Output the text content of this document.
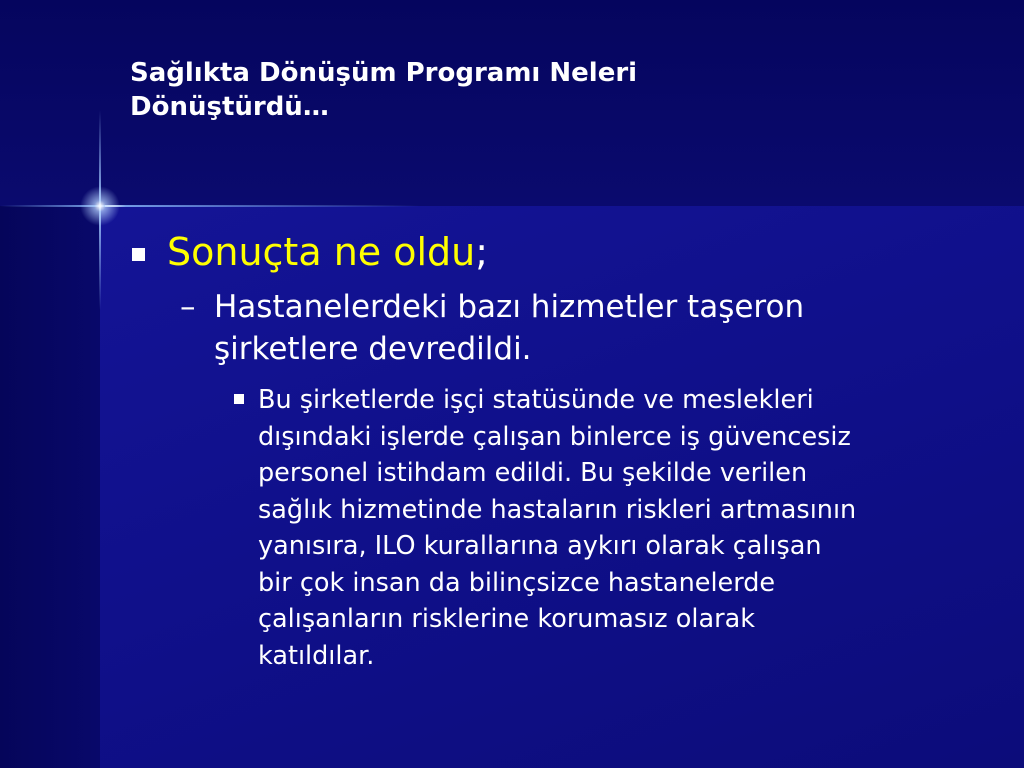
Sağlıkta Dönüşüm Programı Neleri
Dönüştürdü…
Sonuçta ne oldu;
– Hastanelerdeki bazı hizmetler taşeron
şirketlere devredildi.
Bu şirketlerde işçi statüsünde ve meslekleri
dışındaki işlerde çalışan binlerce iş güvencesiz
personel istihdam edildi. Bu şekilde verilen
sağlık hizmetinde hastaların riskleri artmasının
yanısıra, ILO kurallarına aykırı olarak çalışan
bir çok insan da bilinçsizce hastanelerde
çalışanların risklerine korumasız olarak
katıldılar.
